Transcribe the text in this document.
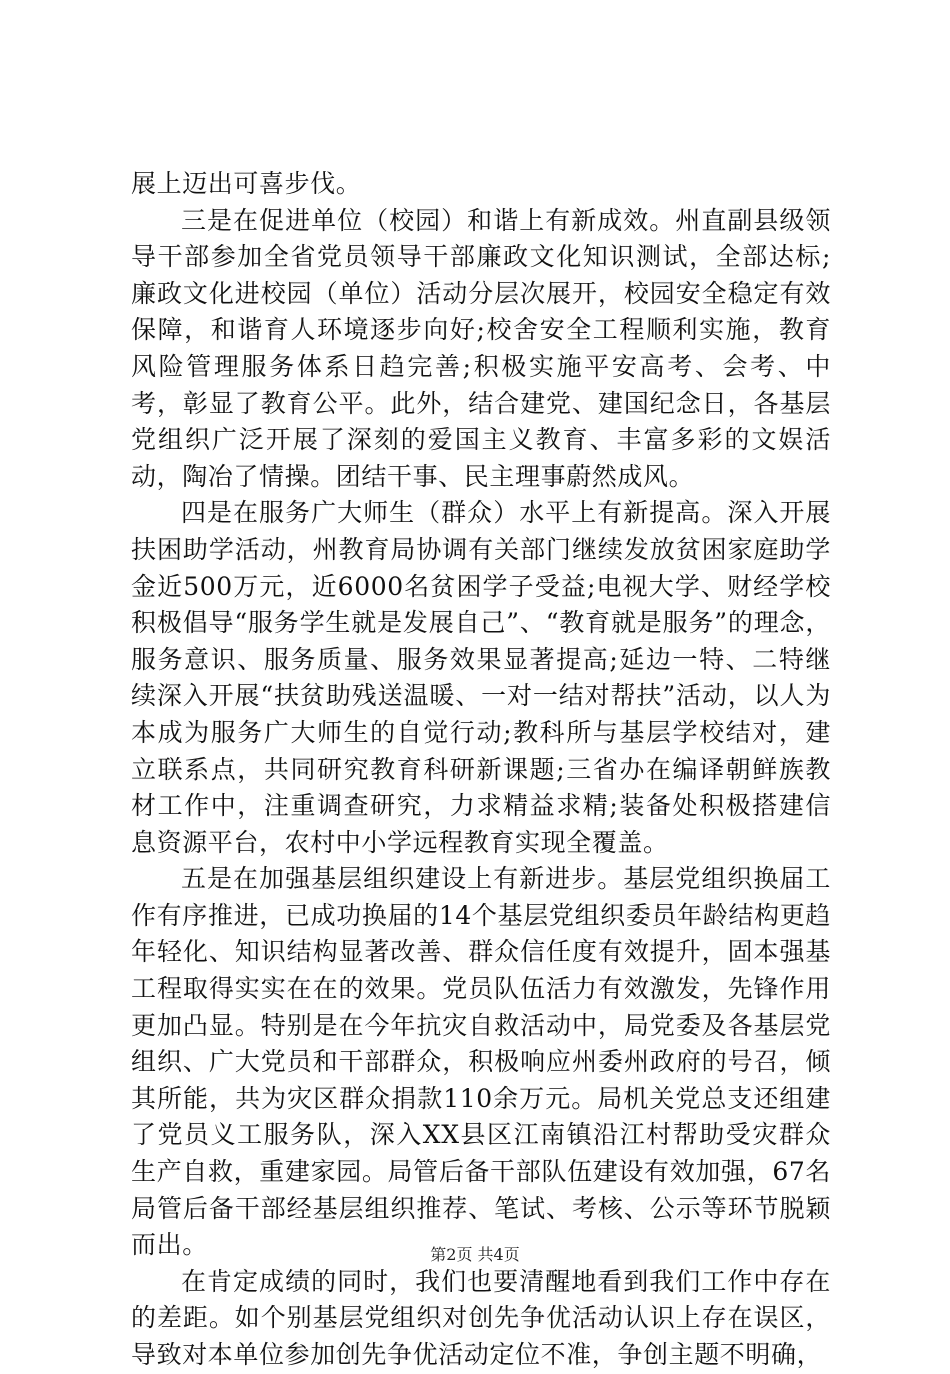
展上迈出可喜步伐。

三是在促进单位（校园）和谐上有新成效。州直副县级领导干部参加全省党员领导干部廉政文化知识测试，全部达标;廉政文化进校园（单位）活动分层次展开，校园安全稳定有效保障，和谐育人环境逐步向好;校舍安全工程顺利实施，教育风险管理服务体系日趋完善;积极实施平安高考、会考、中考，彰显了教育公平。此外，结合建党、建国纪念日，各基层党组织广泛开展了深刻的爱国主义教育、丰富多彩的文娱活动，陶冶了情操。团结干事、民主理事蔚然成风。

四是在服务广大师生（群众）水平上有新提高。深入开展扶困助学活动，州教育局协调有关部门继续发放贫困家庭助学金近500万元，近6000名贫困学子受益;电视大学、财经学校积极倡导“服务学生就是发展自己”、“教育就是服务”的理念，服务意识、服务质量、服务效果显著提高;延边一特、二特继续深入开展“扶贫助残送温暖、一对一结对帮扶”活动，以人为本成为服务广大师生的自觉行动;教科所与基层学校结对，建立联系点，共同研究教育科研新课题;三省办在编译朝鲜族教材工作中，注重调查研究，力求精益求精;装备处积极搭建信息资源平台，农村中小学远程教育实现全覆盖。

五是在加强基层组织建设上有新进步。基层党组织换届工作有序推进，已成功换届的14个基层党组织委员年龄结构更趋年轻化、知识结构显著改善、群众信任度有效提升，固本强基工程取得实实在在的效果。党员队伍活力有效激发，先锋作用更加凸显。特别是在今年抗灾自救活动中，局党委及各基层党组织、广大党员和干部群众，积极响应州委州政府的号召，倾其所能，共为灾区群众捐款110余万元。局机关党总支还组建了党员义工服务队，深入XX县区江南镇沿江村帮助受灾群众生产自救，重建家园。局管后备干部队伍建设有效加强，67名局管后备干部经基层组织推荐、笔试、考核、公示等环节脱颖而出。

在肯定成绩的同时，我们也要清醒地看到我们工作中存在的差距。如个别基层党组织对创先争优活动认识上存在误区，导致对本单位参加创先争优活动定位不准，争创主题不明确，

第2页 共4页
